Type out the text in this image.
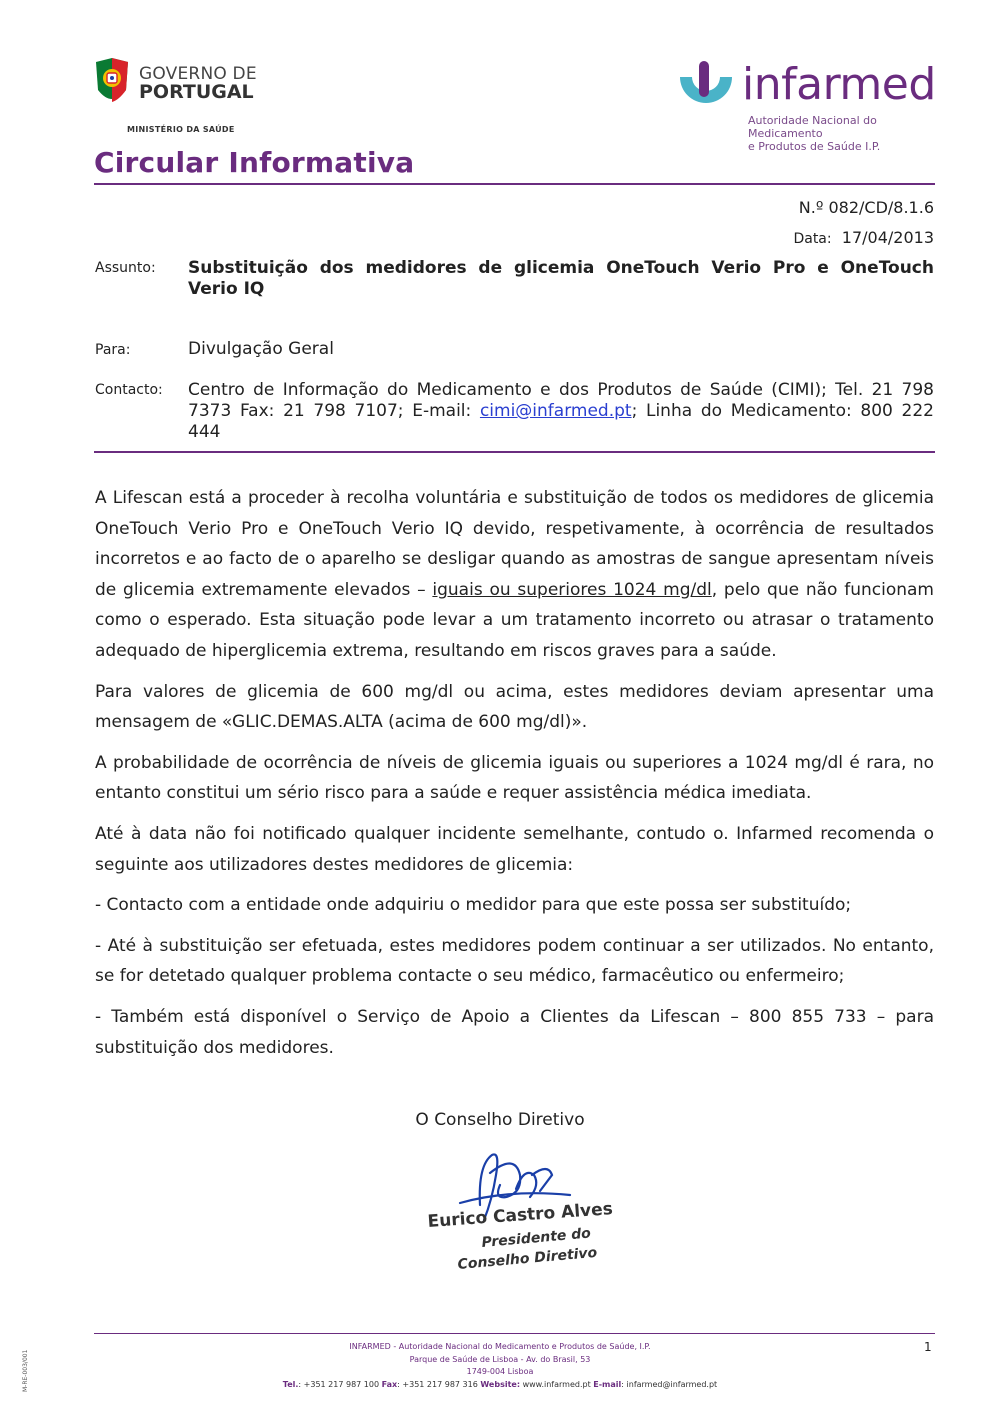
GOVERNO DE
PORTUGAL
MINISTÉRIO DA SAÚDE
infarmed
Autoridade Nacional do Medicamento
e Produtos de Saúde I.P.
Circular Informativa
N.º 082/CD/8.1.6
Data: 17/04/2013
Assunto: Substituição dos medidores de glicemia OneTouch Verio Pro e OneTouch Verio IQ
Para:	Divulgação Geral
Contacto: Centro de Informação do Medicamento e dos Produtos de Saúde (CIMI); Tel. 21 798 7373 Fax: 21 798 7107; E-mail: cimi@infarmed.pt; Linha do Medicamento: 800 222 444

A Lifescan está a proceder à recolha voluntária e substituição de todos os medidores de glicemia OneTouch Verio Pro e OneTouch Verio IQ devido, respetivamente, à ocorrência de resultados incorretos e ao facto de o aparelho se desligar quando as amostras de sangue apresentam níveis de glicemia extremamente elevados – iguais ou superiores 1024 mg/dl, pelo que não funcionam como o esperado. Esta situação pode levar a um tratamento incorreto ou atrasar o tratamento adequado de hiperglicemia extrema, resultando em riscos graves para a saúde.

Para valores de glicemia de 600 mg/dl ou acima, estes medidores deviam apresentar uma mensagem de «GLIC.DEMAS.ALTA (acima de 600 mg/dl)».

A probabilidade de ocorrência de níveis de glicemia iguais ou superiores a 1024 mg/dl é rara, no entanto constitui um sério risco para a saúde e requer assistência médica imediata.

Até à data não foi notificado qualquer incidente semelhante, contudo o. Infarmed recomenda o seguinte aos utilizadores destes medidores de glicemia:

- Contacto com a entidade onde adquiriu o medidor para que este possa ser substituído;

- Até à substituição ser efetuada, estes medidores podem continuar a ser utilizados. No entanto, se for detetado qualquer problema contacte o seu médico, farmacêutico ou enfermeiro;

- Também está disponível o Serviço de Apoio a Clientes da Lifescan – 800 855 733 – para substituição dos medidores.

O Conselho Diretivo
Eurico Castro Alves
Presidente do
Conselho Diretivo
INFARMED - Autoridade Nacional do Medicamento e Produtos de Saúde, I.P.
Parque de Saúde de Lisboa - Av. do Brasil, 53
1749-004 Lisboa
Tel.: +351 217 987 100 Fax: +351 217 987 316 Website: www.infarmed.pt E-mail: infarmed@infarmed.pt
1
M-RE-003/001
